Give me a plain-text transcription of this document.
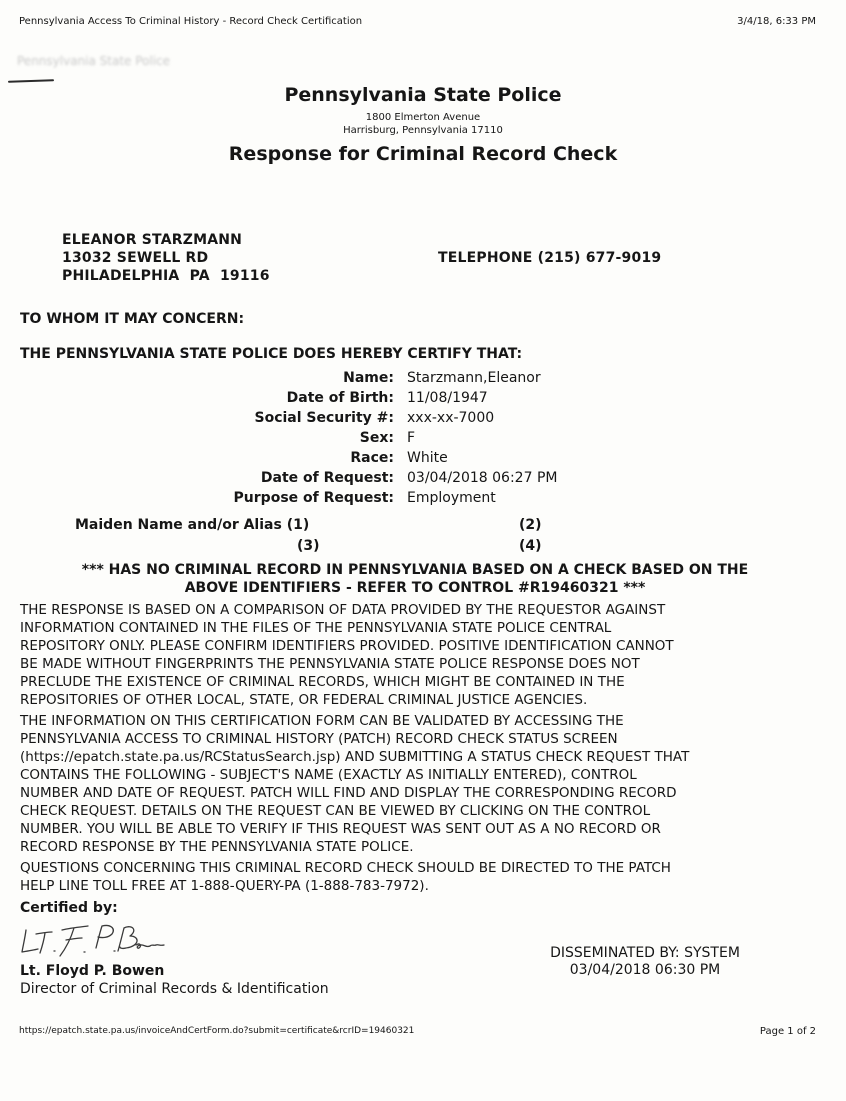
Pennsylvania Access To Criminal History - Record Check Certification	3/4/18, 6:33 PM
Pennsylvania State Police
Pennsylvania State Police
1800 Elmerton Avenue
Harrisburg, Pennsylvania 17110
Response for Criminal Record Check
ELEANOR STARZMANN
13032 SEWELL RD
PHILADELPHIA  PA  19116
TELEPHONE (215) 677-9019
TO WHOM IT MAY CONCERN:
THE PENNSYLVANIA STATE POLICE DOES HEREBY CERTIFY THAT:
Name: Starzmann,Eleanor
Date of Birth: 11/08/1947
Social Security #: xxx-xx-7000
Sex: F
Race: White
Date of Request: 03/04/2018 06:27 PM
Purpose of Request: Employment
Maiden Name and/or Alias (1)	(2)
(3)	(4)
*** HAS NO CRIMINAL RECORD IN PENNSYLVANIA BASED ON A CHECK BASED ON THE
ABOVE IDENTIFIERS - REFER TO CONTROL #R19460321 ***
THE RESPONSE IS BASED ON A COMPARISON OF DATA PROVIDED BY THE REQUESTOR AGAINST
INFORMATION CONTAINED IN THE FILES OF THE PENNSYLVANIA STATE POLICE CENTRAL
REPOSITORY ONLY. PLEASE CONFIRM IDENTIFIERS PROVIDED. POSITIVE IDENTIFICATION CANNOT
BE MADE WITHOUT FINGERPRINTS THE PENNSYLVANIA STATE POLICE RESPONSE DOES NOT
PRECLUDE THE EXISTENCE OF CRIMINAL RECORDS, WHICH MIGHT BE CONTAINED IN THE
REPOSITORIES OF OTHER LOCAL, STATE, OR FEDERAL CRIMINAL JUSTICE AGENCIES.
THE INFORMATION ON THIS CERTIFICATION FORM CAN BE VALIDATED BY ACCESSING THE
PENNSYLVANIA ACCESS TO CRIMINAL HISTORY (PATCH) RECORD CHECK STATUS SCREEN
(https://epatch.state.pa.us/RCStatusSearch.jsp) AND SUBMITTING A STATUS CHECK REQUEST THAT
CONTAINS THE FOLLOWING - SUBJECT'S NAME (EXACTLY AS INITIALLY ENTERED), CONTROL
NUMBER AND DATE OF REQUEST. PATCH WILL FIND AND DISPLAY THE CORRESPONDING RECORD
CHECK REQUEST. DETAILS ON THE REQUEST CAN BE VIEWED BY CLICKING ON THE CONTROL
NUMBER. YOU WILL BE ABLE TO VERIFY IF THIS REQUEST WAS SENT OUT AS A NO RECORD OR
RECORD RESPONSE BY THE PENNSYLVANIA STATE POLICE.
QUESTIONS CONCERNING THIS CRIMINAL RECORD CHECK SHOULD BE DIRECTED TO THE PATCH
HELP LINE TOLL FREE AT 1-888-QUERY-PA (1-888-783-7972).
Certified by:
Lt. Floyd P. Bowen
Director of Criminal Records & Identification
DISSEMINATED BY: SYSTEM
03/04/2018 06:30 PM
https://epatch.state.pa.us/invoiceAndCertForm.do?submit=certificate&rcrID=19460321	Page 1 of 2
